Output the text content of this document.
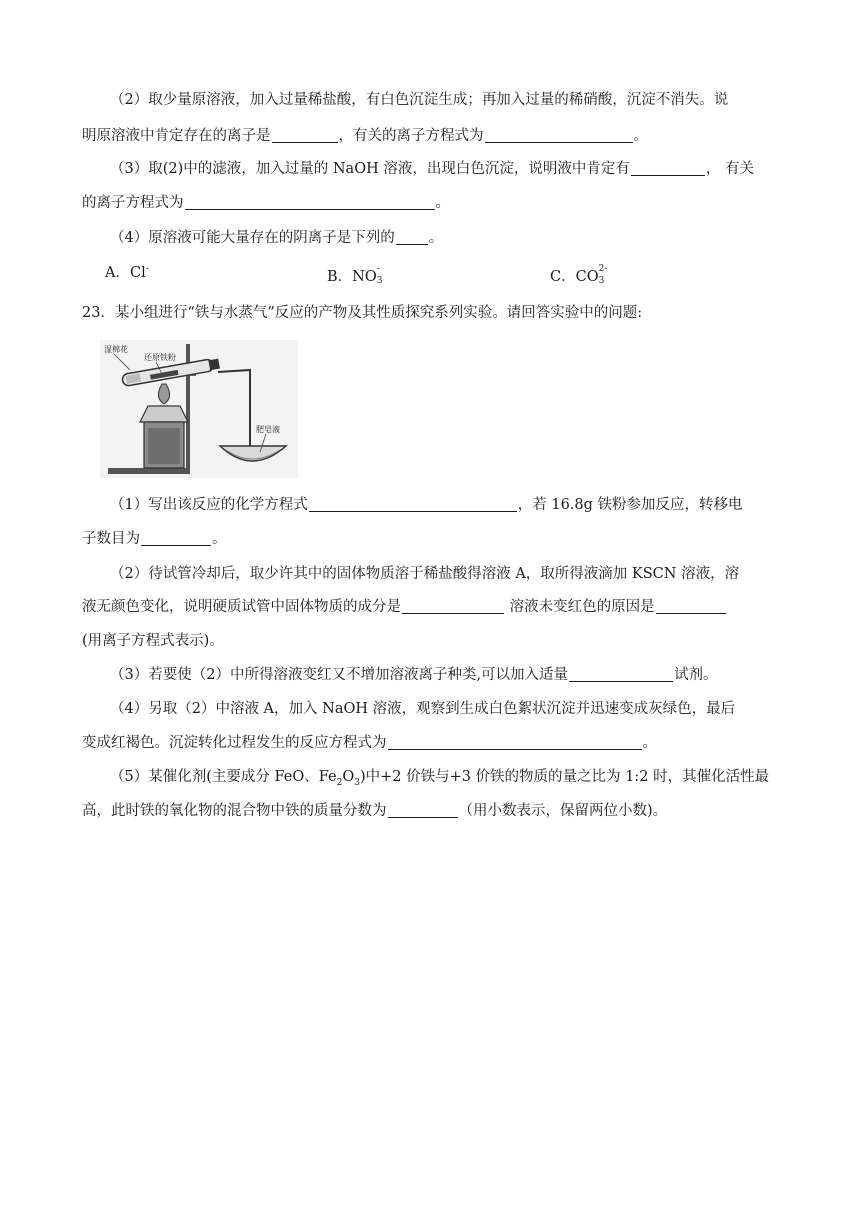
（2）取少量原溶液，加入过量稀盐酸，有白色沉淀生成；再加入过量的稀硝酸，沉淀不消失。说
明原溶液中肯定存在的离子是	，有关的离子方程式为	。
（3）取(2)中的滤液，加入过量的 NaOH 溶液，出现白色沉淀，说明液中肯定有	， 有关
的离子方程式为	。
（4）原溶液可能大量存在的阴离子是下列的 。
A．Cl-	B．NO -
3	C．CO 2-
3
23．某小组进行“铁与水蒸气”反应的产物及其性质探究系列实验。请回答实验中的问题:
湿棉花
还原铁粉
肥皂液
（1）写出该反应的化学方程式	，若 16.8g 铁粉参加反应，转移电
子数目为	。
（2）待试管冷却后，取少许其中的固体物质溶于稀盐酸得溶液 A，取所得液滴加 KSCN 溶液，溶
液无颜色变化，说明硬质试管中固体物质的成分是	溶液未变红色的原因是
(用离子方程式表示)。
（3）若要使（2）中所得溶液变红又不增加溶液离子种类,可以加入适量	试剂。
（4）另取（2）中溶液 A，加入 NaOH 溶液，观察到生成白色絮状沉淀并迅速变成灰绿色，最后
变成红褐色。沉淀转化过程发生的反应方程式为	。
（5）某催化剂(主要成分 FeO、$Fe_2O_3$)中+2 价铁与+3 价铁的物质的量之比为 1:2 时，其催化活性最
高，此时铁的氧化物的混合物中铁的质量分数为	（用小数表示，保留两位小数)。
